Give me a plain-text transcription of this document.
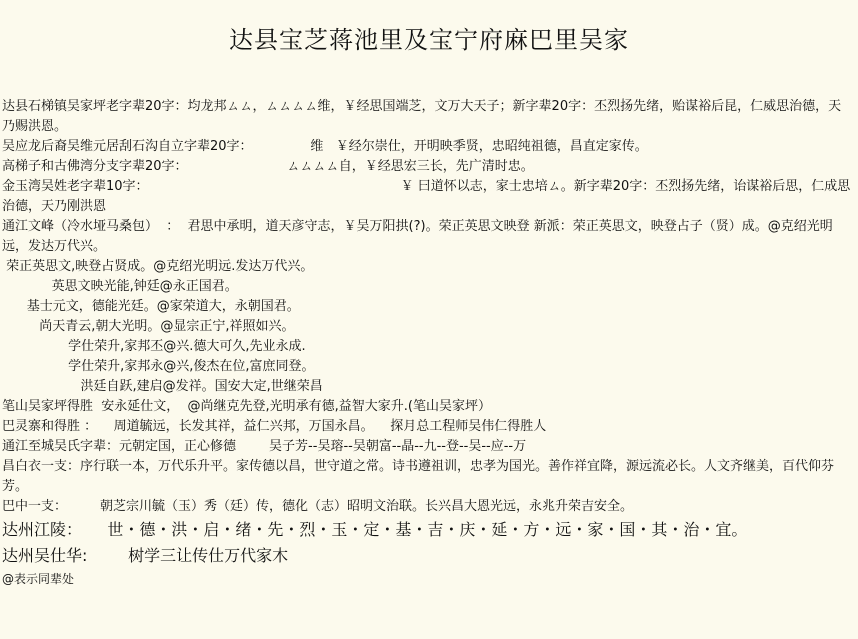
达县宝芝蒋池里及宝宁府麻巴里吴家
达县石梯镇吴家坪老字辈20字：均龙邦ㄙㄙ，ㄙㄙㄙㄙ维，￥经思国端芝，文万大天子；新字辈20字：丕烈扬先绪，贻谋裕后昆，仁威思治德，天乃赐洪恩。
吴应龙后裔吴维元居刮石沟自立字辈20字：              维   ￥经尔崇仕，开明映季贤，忠昭纯祖德，昌直定家传。
高梯子和古佛湾分支字辈20字：                        ㄙㄙㄙㄙ自，￥经思宏三长，先广清时忠。
金玉湾吴姓老字辈10字：                                                             ￥ 曰道怀以志，家士忠培ㄙ。新字辈20字：丕烈扬先绪，诒谋裕后思，仁成思治德，天乃刚洪恩
通江文峰（冷水垭马桑包）  ：  君思中承明，道天彦守志，￥吴万阳拱(?)。荣正英思文映登 新派：荣正英思文，映登占子（贤）成。@克绍光明远，发达万代兴。
荣正英思文,映登占贤成。@克绍光明远.发达万代兴。
英思文映光能,钟廷@永正国君。
基士元文，德能光廷。@家荣道大，永朝国君。
尚天青云,朝大光明。@显宗正宁,祥照如兴。
学仕荣升,家邦丕@兴.德大可久,先业永成.
学仕荣升,家邦永@兴,俊杰在位,富庶同登。
洪廷自跃,建启@发祥。国安大定,世继荣昌
笔山吴家坪得胜  安永延仕文，  @尚继克先登,光明承有德,益智大家升.(笔山吴家坪）
巴灵寨和得胜 ：    周道毓远，长发其祥，益仁兴邦，万国永昌。    探月总工程师吴伟仁得胜人
通江至城吴氏字辈：元朝定国，正心修德        吴子芳--吴瑢--吴朝富--晶--九--登--吴--应--万
昌白衣一支：序行联一本，万代乐升平。家传德以昌，世守道之常。诗书遵祖训，忠孝为国光。善作祥宜降，源远流必长。人文齐继美，百代仰芬芳。
巴中一支：        朝芝宗川毓（玉）秀（廷）传，德化（志）昭明文治联。长兴昌大恩光远，永兆升荣吉安全。
达州江陵：     世・德・洪・启・绪・先・烈・玉・定・基・吉・庆・延・方・远・家・国・其・治・宜。
达州吴仕华:        树学三让传仕万代家木
@表示同辈处
